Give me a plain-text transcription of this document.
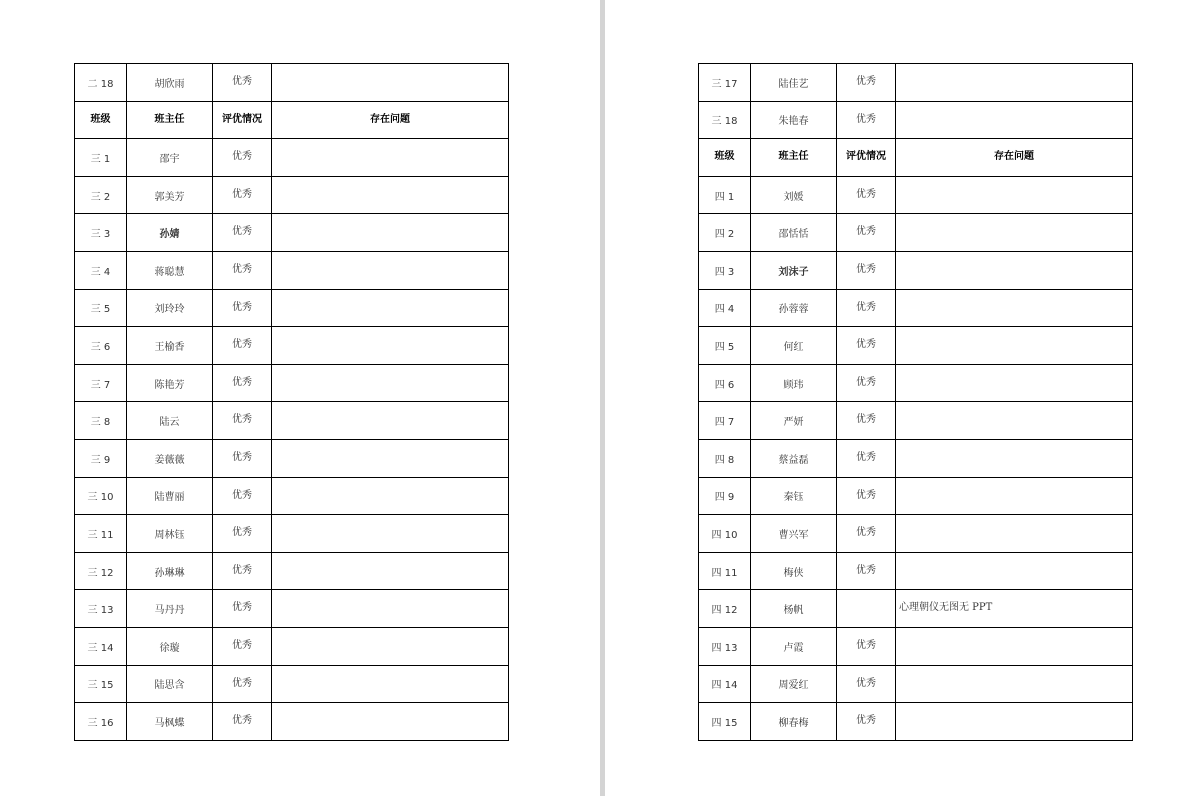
二 18	胡欣雨	优秀	
班级	班主任	评优情况	存在问题
三 1	邵宇	优秀	
三 2	郭美芳	优秀	
三 3	孙婧	优秀	
三 4	蒋聪慧	优秀	
三 5	刘玲玲	优秀	
三 6	王榆香	优秀	
三 7	陈艳芳	优秀	
三 8	陆云	优秀	
三 9	姜薇薇	优秀	
三 10	陆曹丽	优秀	
三 11	周林钰	优秀	
三 12	孙琳琳	优秀	
三 13	马丹丹	优秀	
三 14	徐璇	优秀	
三 15	陆思含	优秀	
三 16	马枫蝶	优秀	
三 17	陆佳艺	优秀	
三 18	朱艳春	优秀	
班级	班主任	评优情况	存在问题
四 1	刘媛	优秀	
四 2	邵恬恬	优秀	
四 3	刘沫子	优秀	
四 4	孙蓉蓉	优秀	
四 5	何红	优秀	
四 6	顾玮	优秀	
四 7	严妍	优秀	
四 8	蔡益磊	优秀	
四 9	秦钰	优秀	
四 10	曹兴军	优秀	
四 11	梅侠	优秀	
四 12	杨帆		心理朝仪无图无 PPT
四 13	卢霞	优秀	
四 14	周爱红	优秀	
四 15	柳春梅	优秀	
